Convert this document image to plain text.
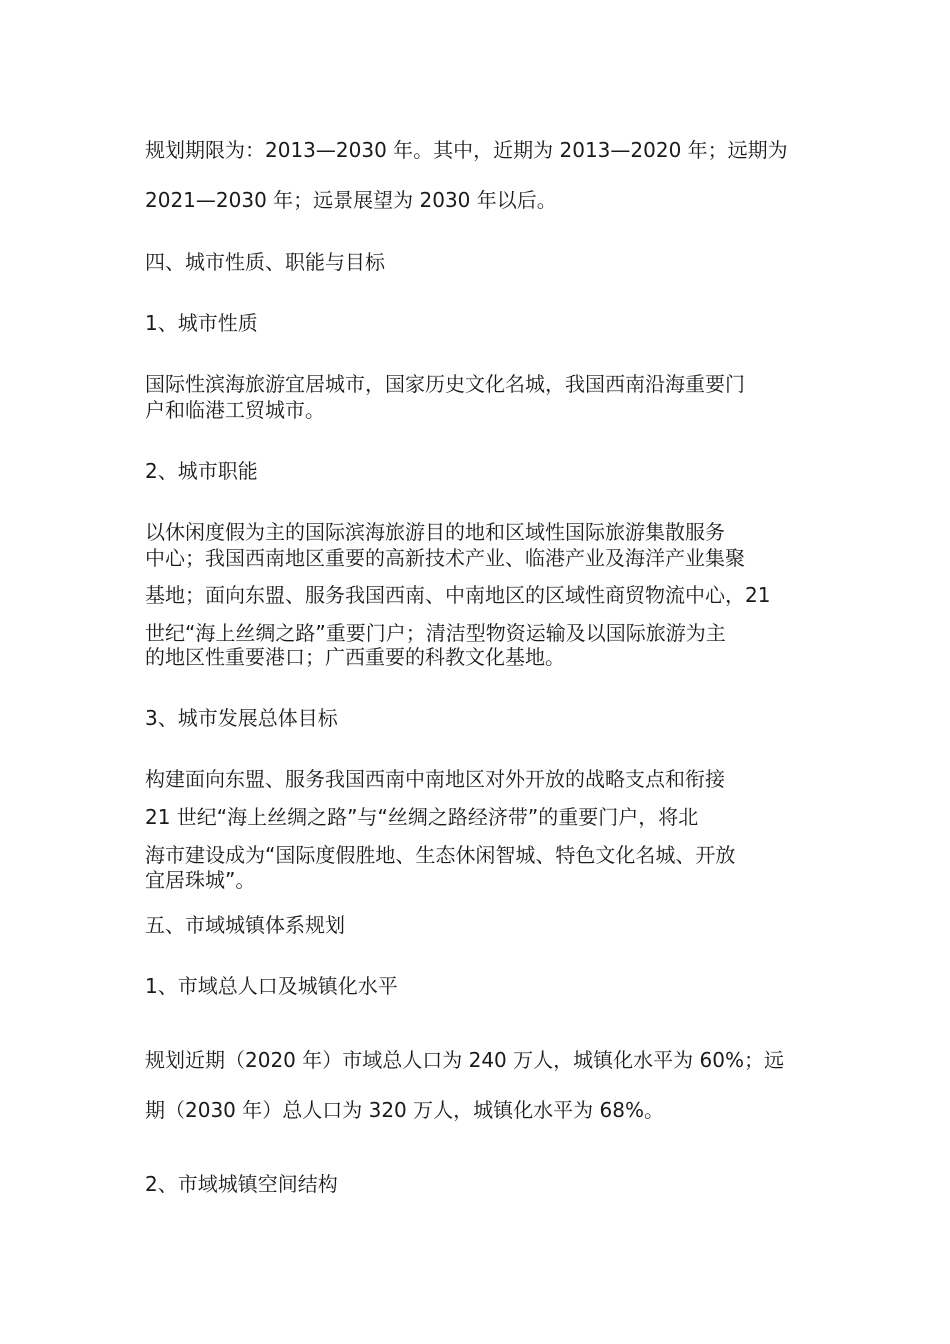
规划期限为：2013—2030 年。其中，近期为 2013—2020 年；远期为
2021—2030 年；远景展望为 2030 年以后。
四、城市性质、职能与目标
1、城市性质
国际性滨海旅游宜居城市，国家历史文化名城，我国西南沿海重要门
户和临港工贸城市。
2、城市职能
以休闲度假为主的国际滨海旅游目的地和区域性国际旅游集散服务
中心；我国西南地区重要的高新技术产业、临港产业及海洋产业集聚
基地；面向东盟、服务我国西南、中南地区的区域性商贸物流中心，21
世纪“海上丝绸之路”重要门户；清洁型物资运输及以国际旅游为主
的地区性重要港口；广西重要的科教文化基地。
3、城市发展总体目标
构建面向东盟、服务我国西南中南地区对外开放的战略支点和衔接
21 世纪“海上丝绸之路”与“丝绸之路经济带”的重要门户，将北
海市建设成为“国际度假胜地、生态休闲智城、特色文化名城、开放
宜居珠城”。
五、市域城镇体系规划
1、市域总人口及城镇化水平
规划近期（2020 年）市域总人口为 240 万人，城镇化水平为 60%；远
期（2030 年）总人口为 320 万人，城镇化水平为 68%。
2、市域城镇空间结构
